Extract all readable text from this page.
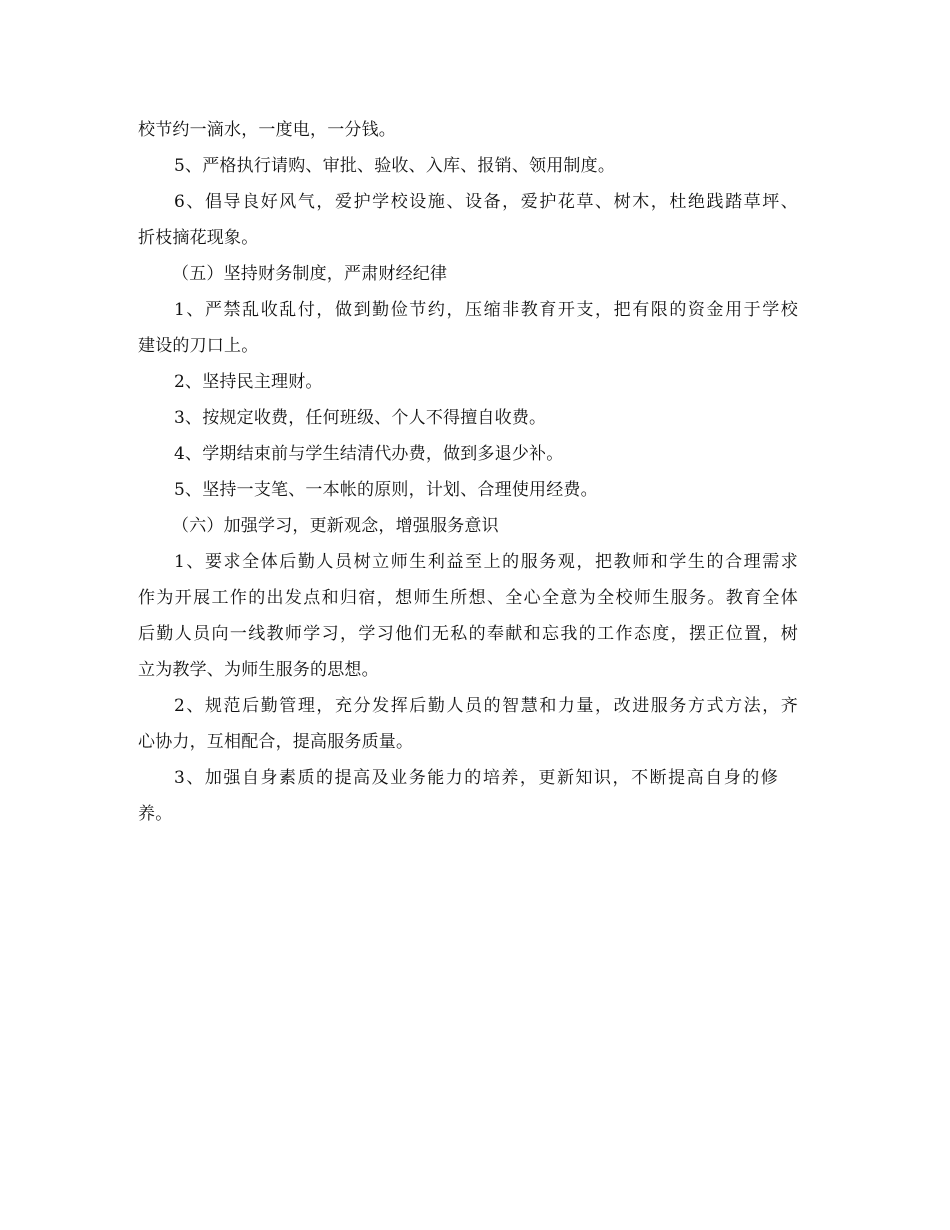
校节约一滴水，一度电，一分钱。
5、严格执行请购、审批、验收、入库、报销、领用制度。
6、倡导良好风气，爱护学校设施、设备，爱护花草、树木，杜绝践踏草坪、
折枝摘花现象。
（五）坚持财务制度，严肃财经纪律
1、严禁乱收乱付，做到勤俭节约，压缩非教育开支，把有限的资金用于学校
建设的刀口上。
2、坚持民主理财。
3、按规定收费，任何班级、个人不得擅自收费。
4、学期结束前与学生结清代办费，做到多退少补。
5、坚持一支笔、一本帐的原则，计划、合理使用经费。
（六）加强学习，更新观念，增强服务意识
1、要求全体后勤人员树立师生利益至上的服务观，把教师和学生的合理需求
作为开展工作的出发点和归宿，想师生所想、全心全意为全校师生服务。教育全体
后勤人员向一线教师学习，学习他们无私的奉献和忘我的工作态度，摆正位置，树
立为教学、为师生服务的思想。
2、规范后勤管理，充分发挥后勤人员的智慧和力量，改进服务方式方法，齐
心协力，互相配合，提高服务质量。
3、加强自身素质的提高及业务能力的培养，更新知识，不断提高自身的修
养。
